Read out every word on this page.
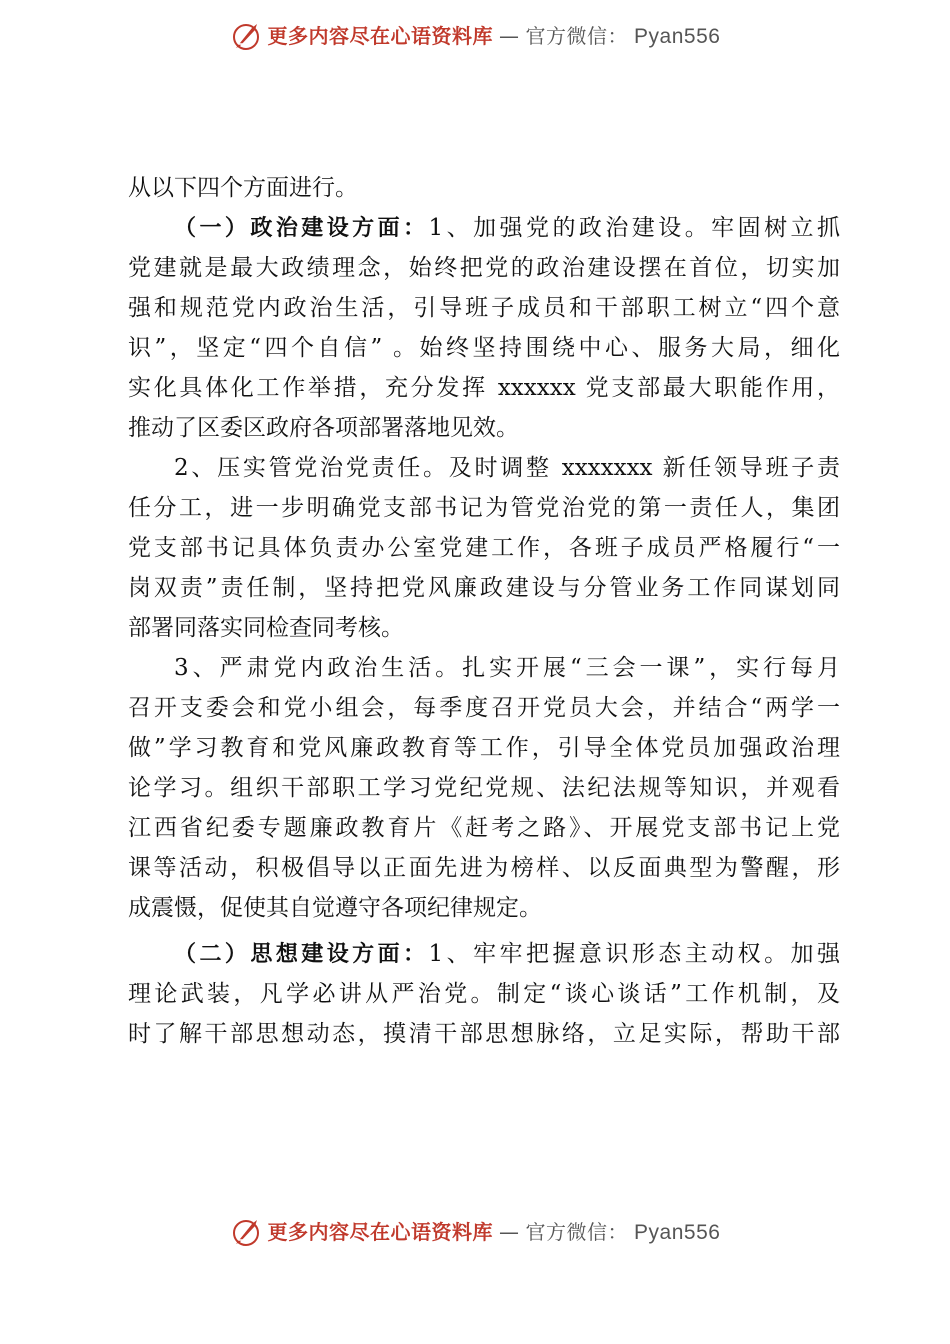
更多内容尽在心语资料库 — 官方微信： Pyan556
从以下四个方面进行。
（一）政治建设方面：1、加强党的政治建设。牢固树立抓
党建就是最大政绩理念，始终把党的政治建设摆在首位，切实加
强和规范党内政治生活，引导班子成员和干部职工树立“四个意
识”，坚定“四个自信” 。始终坚持围绕中心、服务大局，细化
实化具体化工作举措，充分发挥 xxxxxx 党支部最大职能作用，
推动了区委区政府各项部署落地见效。
2、压实管党治党责任。及时调整 xxxxxxx 新任领导班子责
任分工，进一步明确党支部书记为管党治党的第一责任人，集团
党支部书记具体负责办公室党建工作，各班子成员严格履行“一
岗双责”责任制，坚持把党风廉政建设与分管业务工作同谋划同
部署同落实同检查同考核。
3、严肃党内政治生活。扎实开展“三会一课”，实行每月
召开支委会和党小组会，每季度召开党员大会，并结合“两学一
做”学习教育和党风廉政教育等工作，引导全体党员加强政治理
论学习。组织干部职工学习党纪党规、法纪法规等知识，并观看
江西省纪委专题廉政教育片《赶考之路》、开展党支部书记上党
课等活动，积极倡导以正面先进为榜样、以反面典型为警醒，形
成震慑，促使其自觉遵守各项纪律规定。
（二）思想建设方面：1、牢牢把握意识形态主动权。加强
理论武装，凡学必讲从严治党。制定“谈心谈话”工作机制，及
时了解干部思想动态，摸清干部思想脉络，立足实际，帮助干部
更多内容尽在心语资料库 — 官方微信： Pyan556
